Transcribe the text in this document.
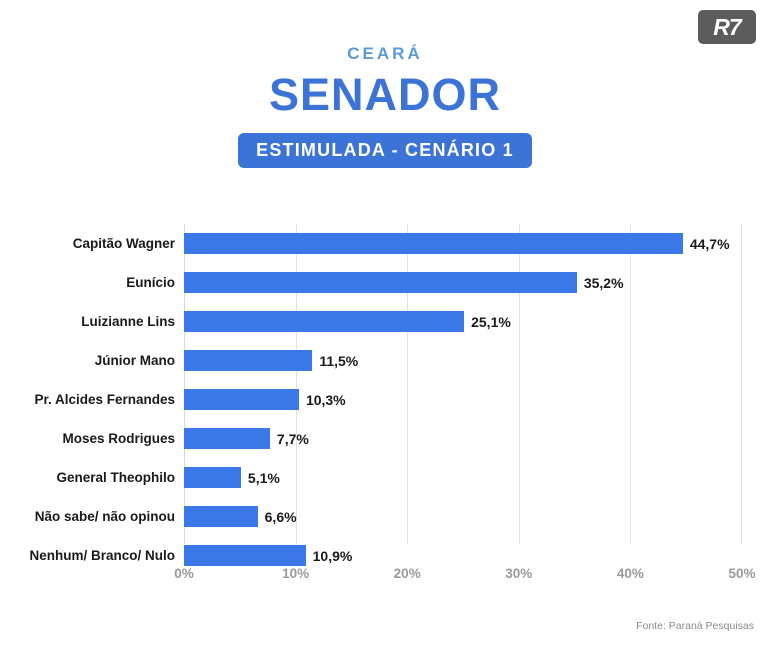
R7
CEARÁ
SENADOR
ESTIMULADA - CENÁRIO 1
Capitão Wagner	44,7%
Eunício	35,2%
Luizianne Lins	25,1%
Júnior Mano	11,5%
Pr. Alcides Fernandes	10,3%
Moses Rodrigues	7,7%
General Theophilo	5,1%
Não sabe/ não opinou	6,6%
Nenhum/ Branco/ Nulo	10,9%
0%	10%	20%	30%	40%	50%
Fonte: Paraná Pesquisas
